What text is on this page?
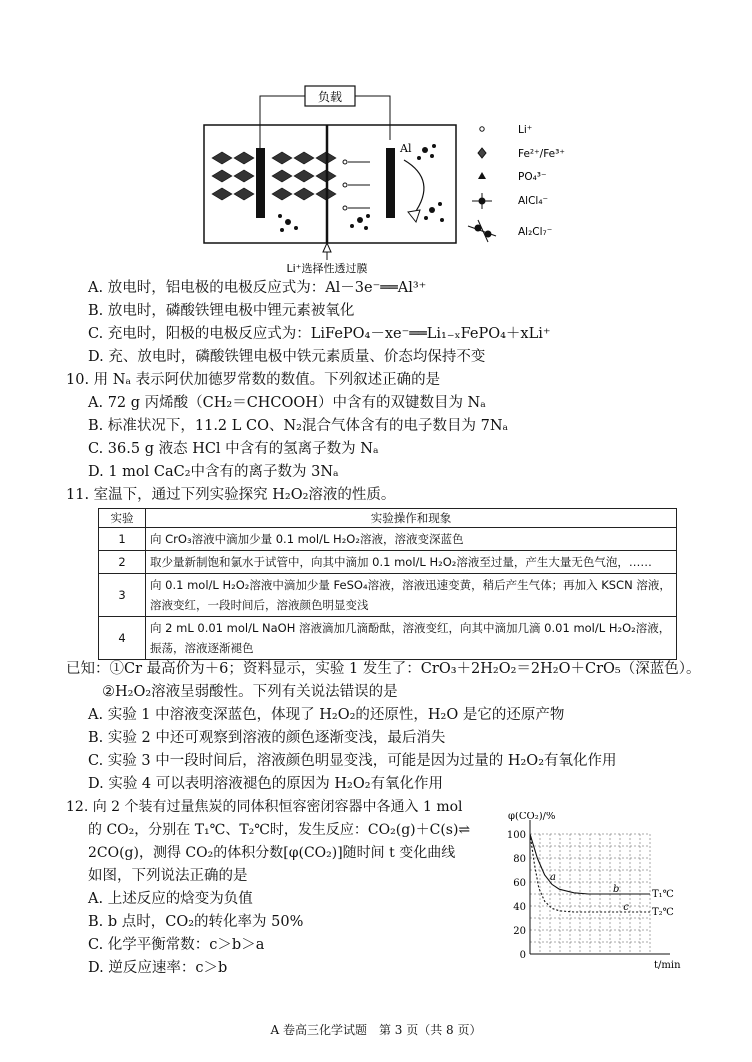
负载
Al
Li⁺
Fe²⁺/Fe³⁺
PO₄³⁻
AlCl₄⁻
Al₂Cl₇⁻
Li⁺选择性透过膜
A. 放电时，铝电极的电极反应式为：Al－3e⁻══Al³⁺
B. 放电时，磷酸铁锂电极中锂元素被氧化
C. 充电时，阳极的电极反应式为：LiFePO₄－xe⁻══Li₁₋ₓFePO₄＋xLi⁺
D. 充、放电时，磷酸铁锂电极中铁元素质量、价态均保持不变
10. 用 Nₐ 表示阿伏加德罗常数的数值。下列叙述正确的是
A. 72 g 丙烯酸（CH₂＝CHCOOH）中含有的双键数目为 Nₐ
B. 标准状况下，11.2 L CO、N₂混合气体含有的电子数目为 7Nₐ
C. 36.5 g 液态 HCl 中含有的氢离子数为 Nₐ
D. 1 mol CaC₂中含有的离子数为 3Nₐ
11. 室温下，通过下列实验探究 H₂O₂溶液的性质。
实验	实验操作和现象
1	向 CrO₃溶液中滴加少量 0.1 mol/L H₂O₂溶液，溶液变深蓝色
2	取少量新制饱和氯水于试管中，向其中滴加 0.1 mol/L H₂O₂溶液至过量，产生大量无色气泡，……
3	向 0.1 mol/L H₂O₂溶液中滴加少量 FeSO₄溶液，溶液迅速变黄，稍后产生气体；再加入 KSCN 溶液，溶液变红，一段时间后，溶液颜色明显变浅
4	向 2 mL 0.01 mol/L NaOH 溶液滴加几滴酚酞，溶液变红，向其中滴加几滴 0.01 mol/L H₂O₂溶液，振荡，溶液逐渐褪色
已知：①Cr 最高价为＋6；资料显示，实验 1 发生了：CrO₃＋2H₂O₂＝2H₂O＋CrO₅（深蓝色）。
②H₂O₂溶液呈弱酸性。下列有关说法错误的是
A. 实验 1 中溶液变深蓝色，体现了 H₂O₂的还原性，H₂O 是它的还原产物
B. 实验 2 中还可观察到溶液的颜色逐渐变浅，最后消失
C. 实验 3 中一段时间后，溶液颜色明显变浅，可能是因为过量的 H₂O₂有氧化作用
D. 实验 4 可以表明溶液褪色的原因为 H₂O₂有氧化作用
12. 向 2 个装有过量焦炭的同体积恒容密闭容器中各通入 1 mol
的 CO₂，分别在 T₁℃、T₂℃时，发生反应：CO₂(g)＋C(s)⇌
2CO(g)，测得 CO₂的体积分数[φ(CO₂)]随时间 t 变化曲线
如图，下列说法正确的是
A. 上述反应的焓变为负值
B. b 点时，CO₂的转化率为 50%
C. 化学平衡常数：c＞b＞a
D. 逆反应速率：c＞b
100
80
60
40
20
0
φ(CO₂)/%
t/min
T₁℃
a
b
T₂℃
c
A 卷高三化学试题　第 3 页（共 8 页）
